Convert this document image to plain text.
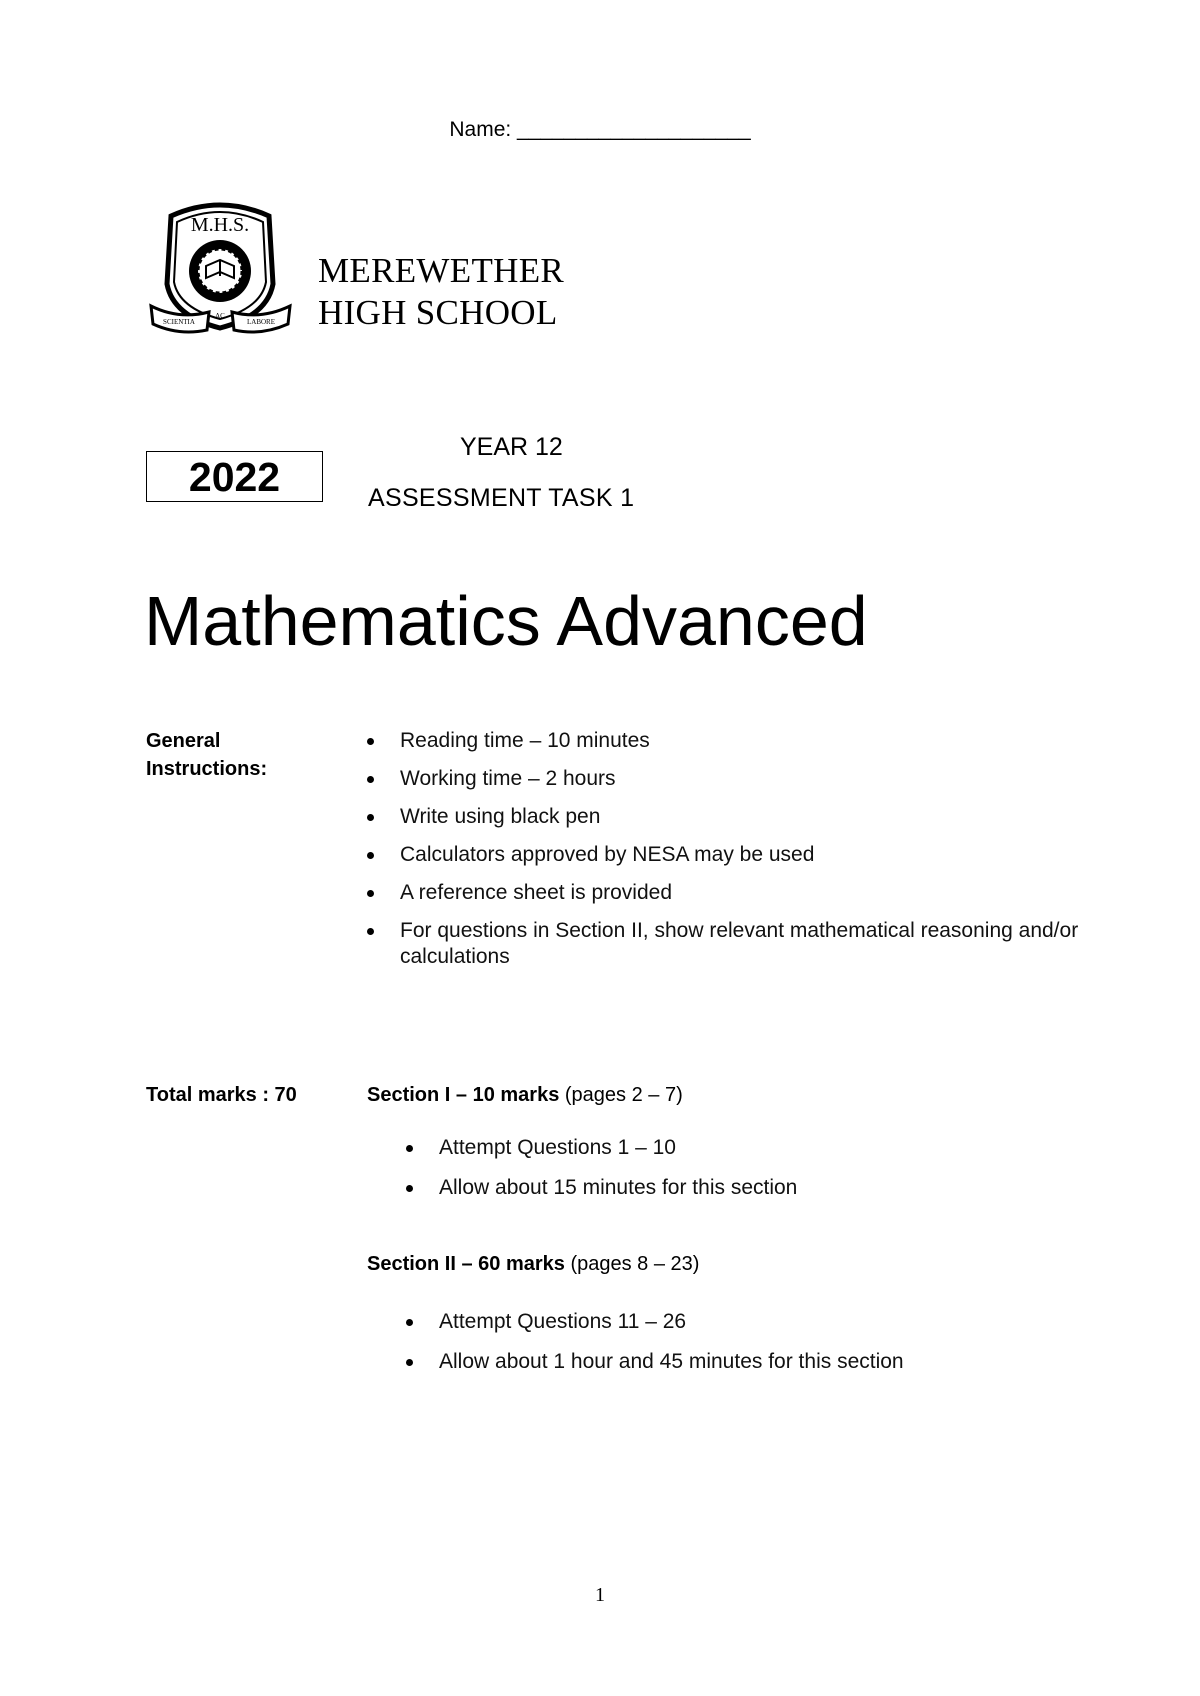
Name: ____________________
M.H.S.
SCIENTIA
AC
LABORE
MEREWETHER
HIGH SCHOOL
2022
YEAR 12
ASSESSMENT TASK 1
Mathematics Advanced
General Instructions:
Reading time – 10 minutes
Working time – 2 hours
Write using black pen
Calculators approved by NESA may be used
A reference sheet is provided
For questions in Section II, show relevant mathematical reasoning and/or calculations
Total marks : 70	Section I – 10 marks (pages 2 – 7)
Attempt Questions 1 – 10
Allow about 15 minutes for this section
Section II – 60 marks (pages 8 – 23)
Attempt Questions 11 – 26
Allow about 1 hour and 45 minutes for this section
1
